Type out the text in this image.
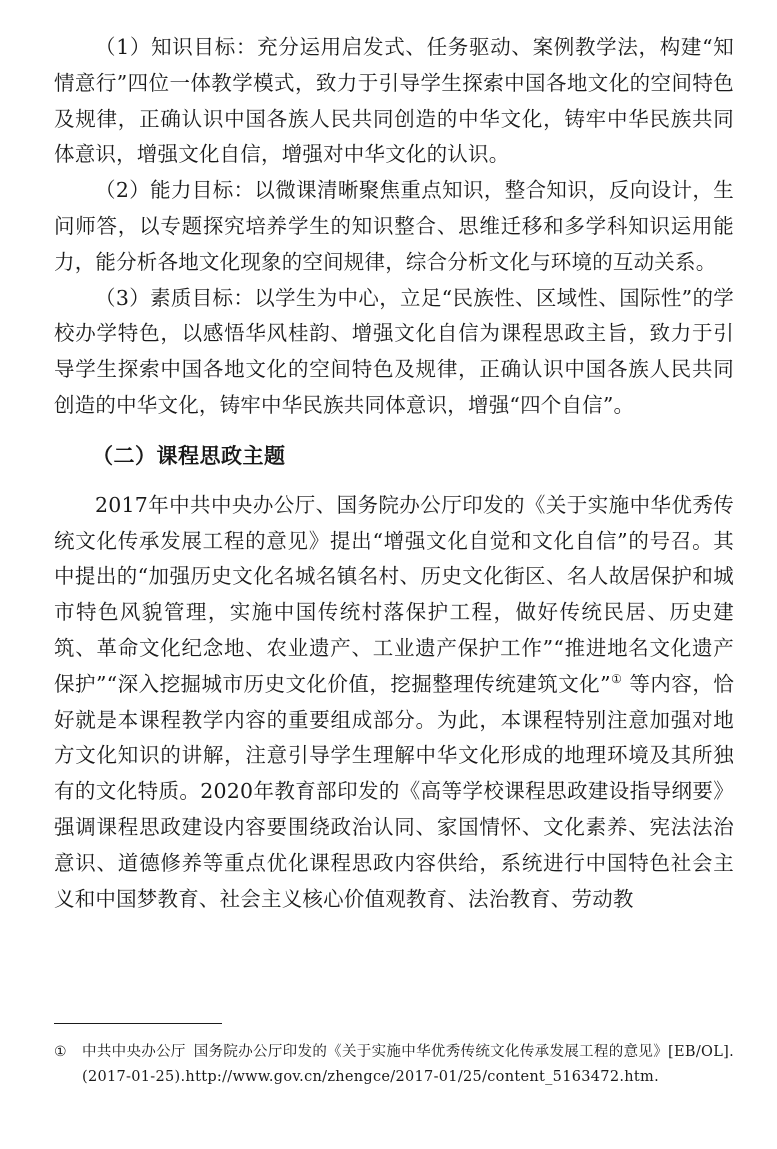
（1）知识目标：充分运用启发式、任务驱动、案例教学法，构建“知情意行”四位一体教学模式，致力于引导学生探索中国各地文化的空间特色及规律，正确认识中国各族人民共同创造的中华文化，铸牢中华民族共同体意识，增强文化自信，增强对中华文化的认识。

（2）能力目标：以微课清晰聚焦重点知识，整合知识，反向设计，生问师答，以专题探究培养学生的知识整合、思维迁移和多学科知识运用能力，能分析各地文化现象的空间规律，综合分析文化与环境的互动关系。

（3）素质目标：以学生为中心，立足“民族性、区域性、国际性”的学校办学特色，以感悟华风桂韵、增强文化自信为课程思政主旨，致力于引导学生探索中国各地文化的空间特色及规律，正确认识中国各族人民共同创造的中华文化，铸牢中华民族共同体意识，增强“四个自信”。

（二）课程思政主题

2017年中共中央办公厅、国务院办公厅印发的《关于实施中华优秀传统文化传承发展工程的意见》提出“增强文化自觉和文化自信”的号召。其中提出的“加强历史文化名城名镇名村、历史文化街区、名人故居保护和城市特色风貌管理，实施中国传统村落保护工程，做好传统民居、历史建筑、革命文化纪念地、农业遗产、工业遗产保护工作”“推进地名文化遗产保护”“深入挖掘城市历史文化价值，挖掘整理传统建筑文化”① 等内容，恰好就是本课程教学内容的重要组成部分。为此，本课程特别注意加强对地方文化知识的讲解，注意引导学生理解中华文化形成的地理环境及其所独有的文化特质。2020年教育部印发的《高等学校课程思政建设指导纲要》强调课程思政建设内容要围绕政治认同、家国情怀、文化素养、宪法法治意识、道德修养等重点优化课程思政内容供给，系统进行中国特色社会主义和中国梦教育、社会主义核心价值观教育、法治教育、劳动教

① 中共中央办公厅 国务院办公厅印发的《关于实施中华优秀传统文化传承发展工程的意见》[EB/OL].(2017-01-25).http://www.gov.cn/zhengce/2017-01/25/content_5163472.htm.
